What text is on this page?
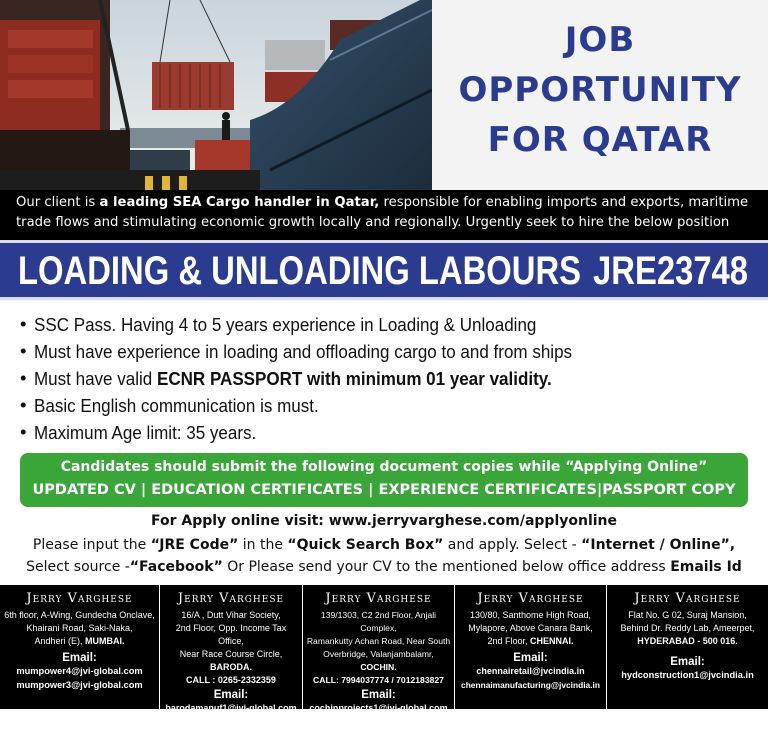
JOB
OPPORTUNITY
FOR QATAR
Our client is a leading SEA Cargo handler in Qatar, responsible for enabling imports and exports, maritime
trade flows and stimulating economic growth locally and regionally. Urgently seek to hire the below position
LOADING & UNLOADING LABOURS JRE23748
• SSC Pass. Having 4 to 5 years experience in Loading & Unloading
• Must have experience in loading and offloading cargo to and from ships
• Must have valid ECNR PASSPORT with minimum 01 year validity.
• Basic English communication is must.
• Maximum Age limit: 35 years.
Candidates should submit the following document copies while “Applying Online”
UPDATED CV | EDUCATION CERTIFICATES | EXPERIENCE CERTIFICATES|PASSPORT COPY
For Apply online visit: www.jerryvarghese.com/applyonline
Please input the “JRE Code” in the “Quick Search Box” and apply. Select - “Internet / Online”,
Select source -“Facebook” Or Please send your CV to the mentioned below office address Emails Id
Jerry Varghese
6th floor, A-Wing, Gundecha Onclave,
Khairani Road, Saki-Naka,
Andheri (E), MUMBAI.
Email:
mumpower4@jvi-global.com
mumpower3@jvi-global.com
Jerry Varghese
16/A , Dutt Vihar Society,
2nd Floor, Opp. Income Tax Office,
Near Race Course Circle, BARODA.
CALL : 0265-2332359
Email:
barodamanuf1@jvi-global.com
barodaproject@jvi-global.com
Jerry Varghese
139/1303, C2 2nd Floor, Anjali Complex,
Ramankutty Achan Road, Near South
Overbridge, Valanjambalamr, COCHIN.
CALL: 7994037774 / 7012183827
Email:
cochinprojects1@jvi-global.com
cochinprojects@jvi-global.com
Jerry Varghese
130/80, Santhome High Road,
Mylapore, Above Canara Bank,
2nd Floor, CHENNAI.
Email:
chennairetail@jvcindia.in
chennaimanufacturing@jvcindia.in
Jerry Varghese
Flat No. G 02, Suraj Mansion,
Behind Dr. Reddy Lab, Ameerpet,
HYDERABAD - 500 016.
Email:
hydconstruction1@jvcindia.in
